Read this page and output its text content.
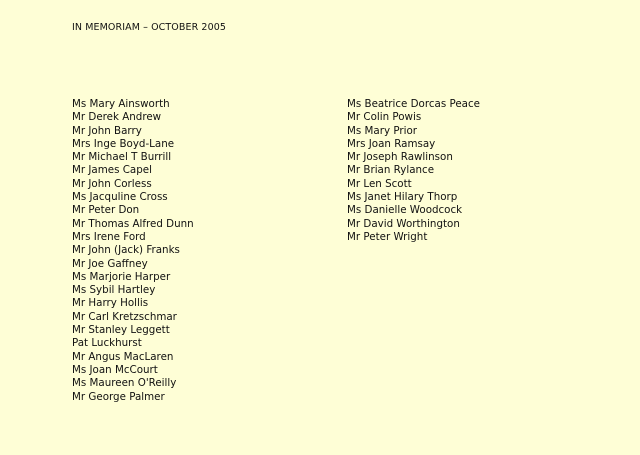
IN MEMORIAM – OCTOBER 2005
Ms Mary Ainsworth
Mr Derek Andrew
Mr John Barry
Mrs Inge Boyd-Lane
Mr Michael T Burrill
Mr James Capel
Mr John Corless
Ms Jacquline Cross
Mr Peter Don
Mr Thomas Alfred Dunn
Mrs Irene Ford
Mr John (Jack) Franks
Mr Joe Gaffney
Ms Marjorie Harper
Ms Sybil Hartley
Mr Harry Hollis
Mr Carl Kretzschmar
Mr Stanley Leggett
Pat Luckhurst
Mr Angus MacLaren
Ms Joan McCourt
Ms Maureen O'Reilly
Mr George Palmer
Ms Beatrice Dorcas Peace
Mr Colin Powis
Ms Mary Prior
Mrs Joan Ramsay
Mr Joseph Rawlinson
Mr Brian Rylance
Mr Len Scott
Ms Janet Hilary Thorp
Ms Danielle Woodcock
Mr David Worthington
Mr Peter Wright
